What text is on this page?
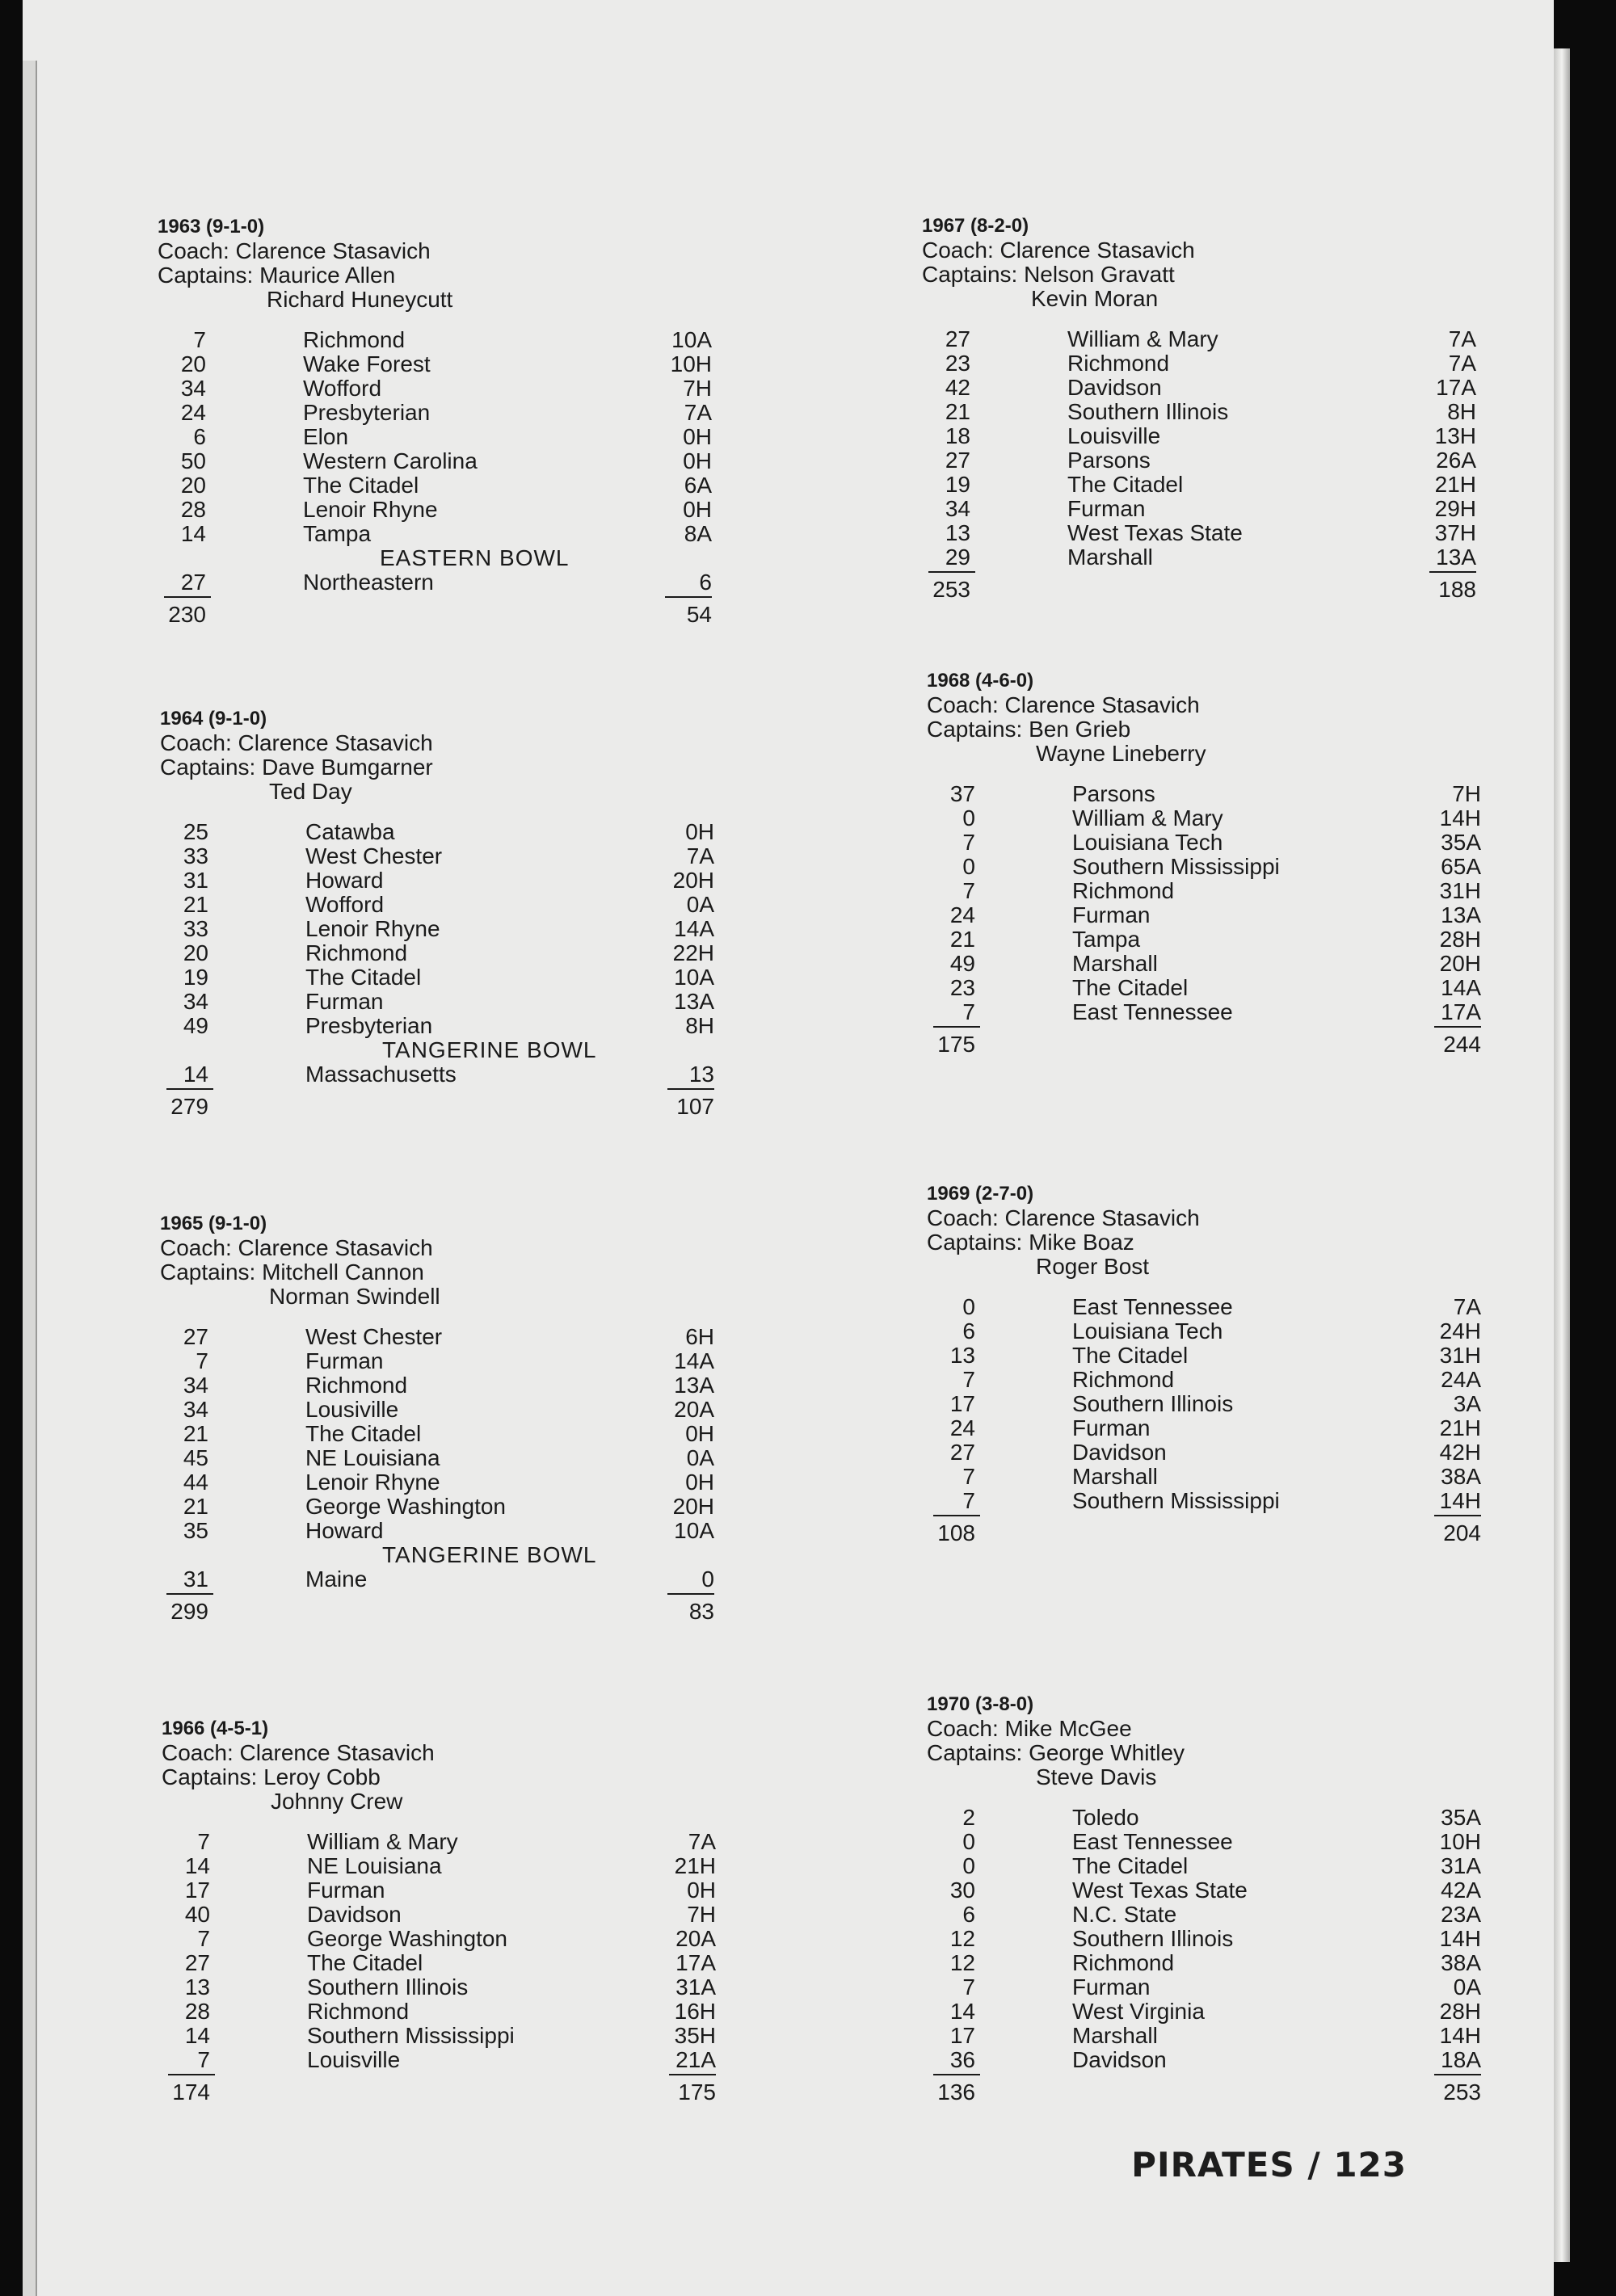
1963 (9-1-0)
Coach: Clarence Stasavich
Captains: Maurice Allen
Richard Huneycutt
7	Richmond	10A
20	Wake Forest	10H
34	Wofford	7H
24	Presbyterian	7A
6	Elon	0H
50	Western Carolina	0H
20	The Citadel	6A
28	Lenoir Rhyne	0H
14	Tampa	8A
EASTERN BOWL
27	Northeastern	6
230	54
1964 (9-1-0)
Coach: Clarence Stasavich
Captains: Dave Bumgarner
Ted Day
25	Catawba	0H
33	West Chester	7A
31	Howard	20H
21	Wofford	0A
33	Lenoir Rhyne	14A
20	Richmond	22H
19	The Citadel	10A
34	Furman	13A
49	Presbyterian	8H
TANGERINE BOWL
14	Massachusetts	13
279	107
1965 (9-1-0)
Coach: Clarence Stasavich
Captains: Mitchell Cannon
Norman Swindell
27	West Chester	6H
7	Furman	14A
34	Richmond	13A
34	Lousiville	20A
21	The Citadel	0H
45	NE Louisiana	0A
44	Lenoir Rhyne	0H
21	George Washington	20H
35	Howard	10A
TANGERINE BOWL
31	Maine	0
299	83
1966 (4-5-1)
Coach: Clarence Stasavich
Captains: Leroy Cobb
Johnny Crew
7	William & Mary	7A
14	NE Louisiana	21H
17	Furman	0H
40	Davidson	7H
7	George Washington	20A
27	The Citadel	17A
13	Southern Illinois	31A
28	Richmond	16H
14	Southern Mississippi	35H
7	Louisville	21A
174	175
1967 (8-2-0)
Coach: Clarence Stasavich
Captains: Nelson Gravatt
Kevin Moran
27	William & Mary	7A
23	Richmond	7A
42	Davidson	17A
21	Southern Illinois	8H
18	Louisville	13H
27	Parsons	26A
19	The Citadel	21H
34	Furman	29H
13	West Texas State	37H
29	Marshall	13A
253	188
1968 (4-6-0)
Coach: Clarence Stasavich
Captains: Ben Grieb
Wayne Lineberry
37	Parsons	7H
0	William & Mary	14H
7	Louisiana Tech	35A
0	Southern Mississippi	65A
7	Richmond	31H
24	Furman	13A
21	Tampa	28H
49	Marshall	20H
23	The Citadel	14A
7	East Tennessee	17A
175	244
1969 (2-7-0)
Coach: Clarence Stasavich
Captains: Mike Boaz
Roger Bost
0	East Tennessee	7A
6	Louisiana Tech	24H
13	The Citadel	31H
7	Richmond	24A
17	Southern Illinois	3A
24	Furman	21H
27	Davidson	42H
7	Marshall	38A
7	Southern Mississippi	14H
108	204
1970 (3-8-0)
Coach: Mike McGee
Captains: George Whitley
Steve Davis
2	Toledo	35A
0	East Tennessee	10H
0	The Citadel	31A
30	West Texas State	42A
6	N.C. State	23A
12	Southern Illinois	14H
12	Richmond	38A
7	Furman	0A
14	West Virginia	28H
17	Marshall	14H
36	Davidson	18A
136	253
PIRATES / 123
